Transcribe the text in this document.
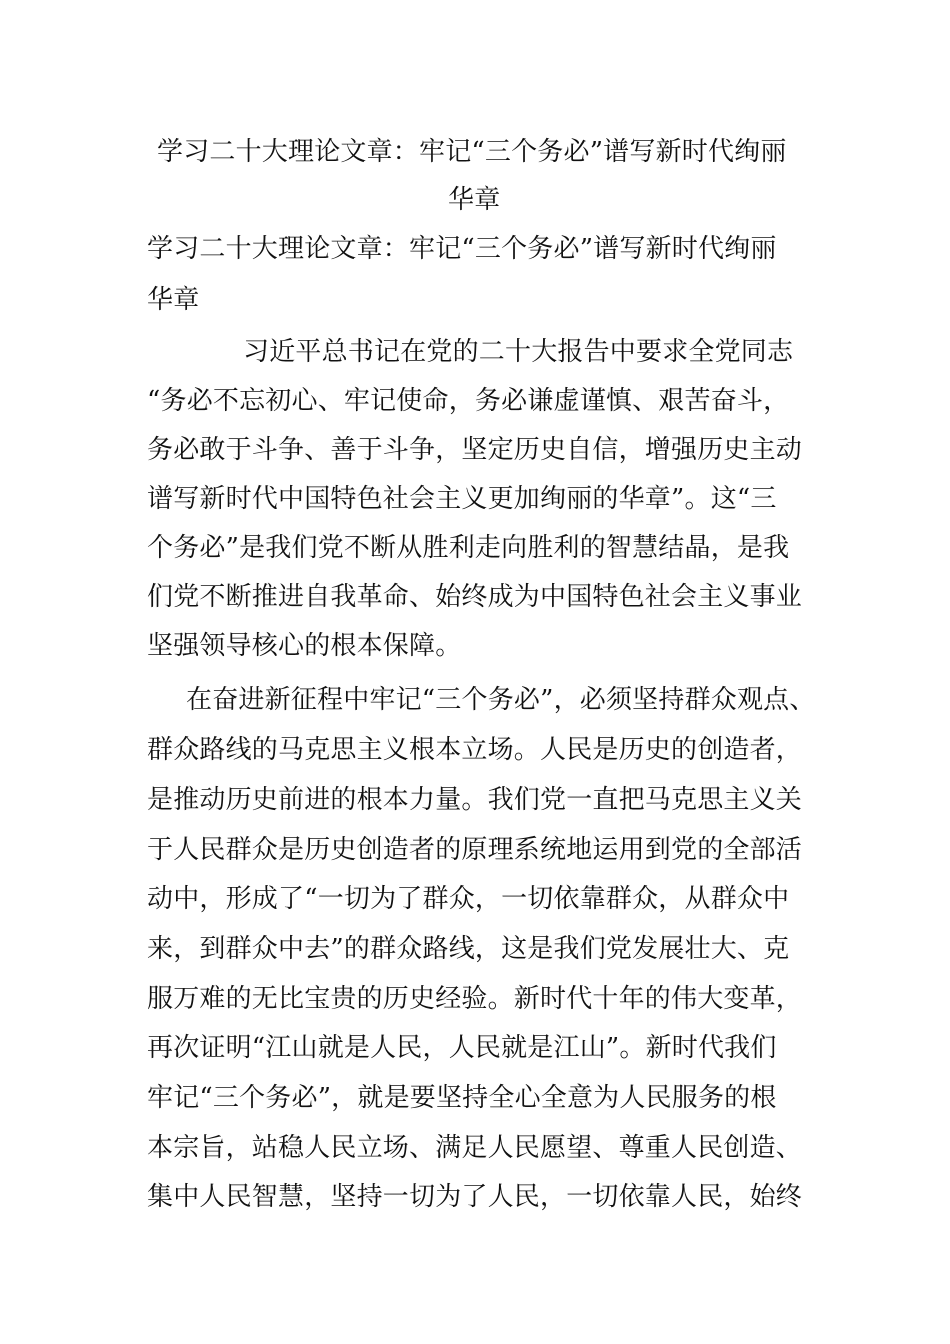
学习二十大理论文章：牢记“三个务必”谱写新时代绚丽
华章
学习二十大理论文章：牢记“三个务必”谱写新时代绚丽
华章
习近平总书记在党的二十大报告中要求全党同志
“务必不忘初心、牢记使命，务必谦虚谨慎、艰苦奋斗，
务必敢于斗争、善于斗争，坚定历史自信，增强历史主动
谱写新时代中国特色社会主义更加绚丽的华章”。这“三
个务必”是我们党不断从胜利走向胜利的智慧结晶，是我
们党不断推进自我革命、始终成为中国特色社会主义事业
坚强领导核心的根本保障。
在奋进新征程中牢记“三个务必”，必须坚持群众观点、
群众路线的马克思主义根本立场。人民是历史的创造者，
是推动历史前进的根本力量。我们党一直把马克思主义关
于人民群众是历史创造者的原理系统地运用到党的全部活
动中，形成了“一切为了群众，一切依靠群众，从群众中
来，到群众中去”的群众路线，这是我们党发展壮大、克
服万难的无比宝贵的历史经验。新时代十年的伟大变革，
再次证明“江山就是人民，人民就是江山”。新时代我们
牢记“三个务必”，就是要坚持全心全意为人民服务的根
本宗旨，站稳人民立场、满足人民愿望、尊重人民创造、
集中人民智慧，坚持一切为了人民，一切依靠人民，始终
